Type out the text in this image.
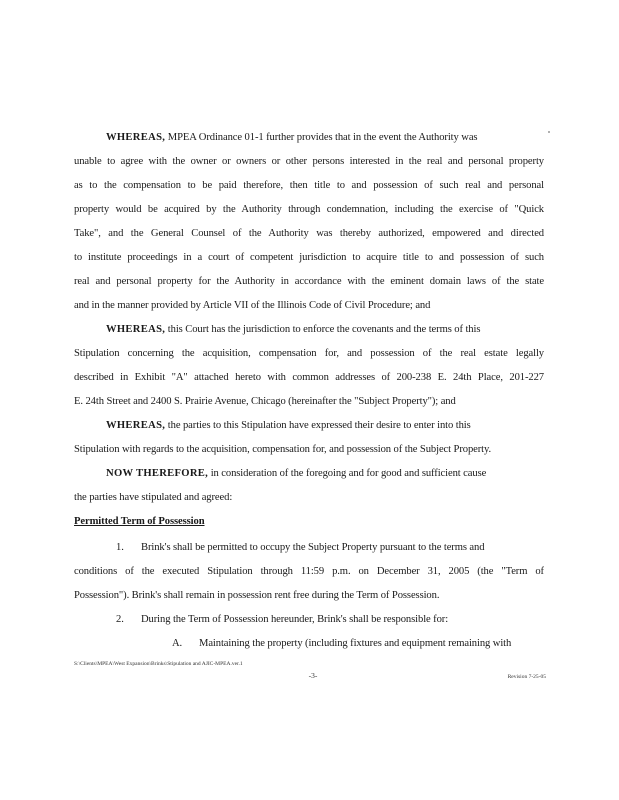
WHEREAS, MPEA Ordinance 01-1 further provides that in the event the Authority was
unable to agree with the owner or owners or other persons interested in the real and personal property
as to the compensation to be paid therefore, then title to and possession of such real and personal
property would be acquired by the Authority through condemnation, including the exercise of "Quick
Take", and the General Counsel of the Authority was thereby authorized, empowered and directed
to institute proceedings in a court of competent jurisdiction to acquire title to and possession of such
real and personal property for the Authority in accordance with the eminent domain laws of the state
and in the manner provided by Article VII of the Illinois Code of Civil Procedure; and
WHEREAS, this Court has the jurisdiction to enforce the covenants and the terms of this
Stipulation concerning the acquisition, compensation for, and possession of the real estate legally
described in Exhibit "A" attached hereto with common addresses of 200-238 E. 24th Place, 201-227
E. 24th Street and 2400 S. Prairie Avenue, Chicago (hereinafter the "Subject Property"); and
WHEREAS, the parties to this Stipulation have expressed their desire to enter into this
Stipulation with regards to the acquisition, compensation for, and possession of the Subject Property.
NOW THEREFORE, in consideration of the foregoing and for good and sufficient cause
the parties have stipulated and agreed:
Permitted Term of Possession
1. Brink's shall be permitted to occupy the Subject Property pursuant to the terms and
conditions of the executed Stipulation through 11:59 p.m. on December 31, 2005 (the "Term of
Possession"). Brink's shall remain in possession rent free during the Term of Possession.
2. During the Term of Possession hereunder, Brink's shall be responsible for:
A. Maintaining the property (including fixtures and equipment remaining with
S:\Clients\MPEA\West Expansion\Brinks\Stipulation and AJIC-MPEA.ver.1
-3-	Revision 7-25-05
